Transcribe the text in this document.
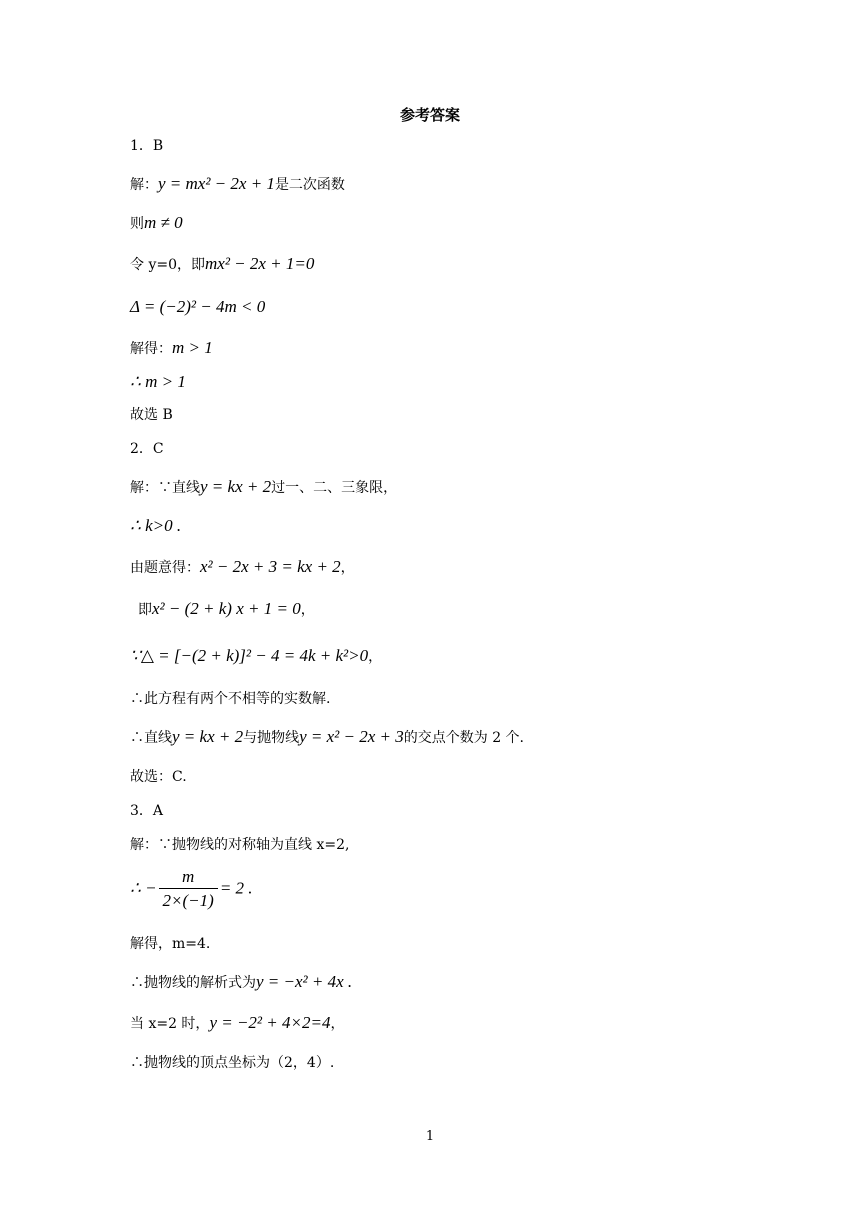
参考答案
1．B
解：y = mx² − 2x + 1是二次函数
则m ≠ 0
令 y=0，即mx² − 2x + 1=0
Δ = (−2)² − 4m < 0
解得：m > 1
∴ m > 1
故选 B
2．C
解：∵直线y = kx + 2过一、二、三象限，
∴ k>0 .
由题意得：x² − 2x + 3 = kx + 2，
即x² − (2 + k) x + 1 = 0，
∵△ = [−(2 + k)]² − 4 = 4k + k²>0，
∴此方程有两个不相等的实数解.
∴直线y = kx + 2与抛物线y = x² − 2x + 3的交点个数为 2 个.
故选：C.
3．A
解：∵抛物线的对称轴为直线 x=2,
∴ − $\frac{m}{2\times(-1)} = 2$ .
解得，m=4.
∴抛物线的解析式为y = −x² + 4x .
当 x=2 时，y = −2² + 4×2=4，
∴抛物线的顶点坐标为（2，4）.
1
